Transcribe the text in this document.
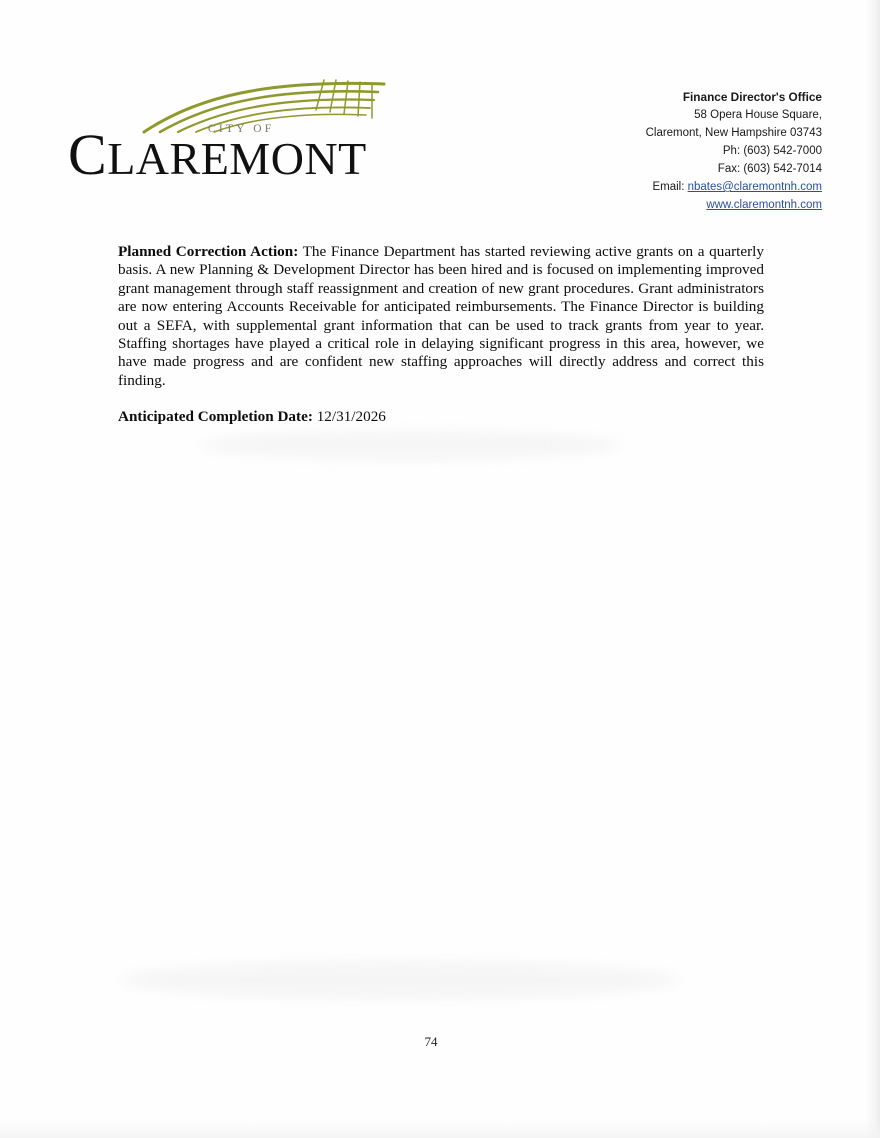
CITY OF
CLAREMONT
Finance Director's Office
58 Opera House Square,
Claremont, New Hampshire 03743
Ph: (603) 542-7000
Fax: (603) 542-7014
Email: nbates@claremontnh.com
www.claremontnh.com

Planned Correction Action: The Finance Department has started reviewing active grants on a quarterly basis. A new Planning & Development Director has been hired and is focused on implementing improved grant management through staff reassignment and creation of new grant procedures. Grant administrators are now entering Accounts Receivable for anticipated reimbursements. The Finance Director is building out a SEFA, with supplemental grant information that can be used to track grants from year to year. Staffing shortages have played a critical role in delaying significant progress in this area, however, we have made progress and are confident new staffing approaches will directly address and correct this finding.

Anticipated Completion Date: 12/31/2026

74
